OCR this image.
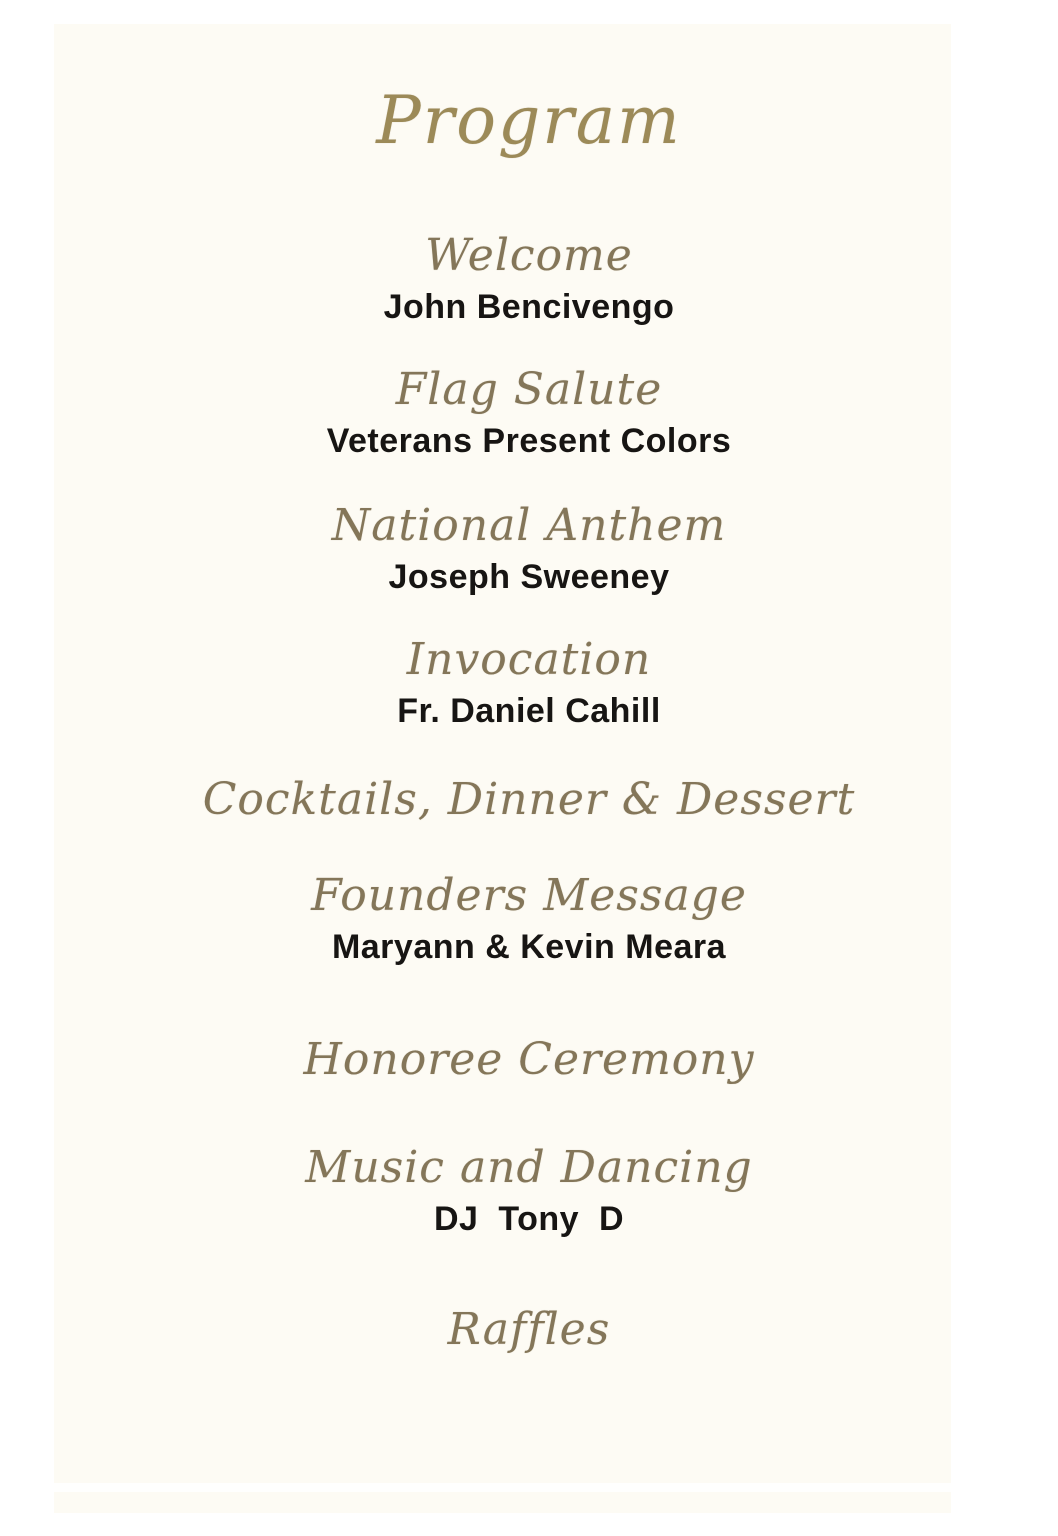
Program
Welcome
John Bencivengo
Flag Salute
Veterans Present Colors
National Anthem
Joseph Sweeney
Invocation
Fr. Daniel Cahill
Cocktails, Dinner & Dessert
Founders Message
Maryann & Kevin Meara
Honoree Ceremony
Music and Dancing
DJ  Tony  D
Raffles
